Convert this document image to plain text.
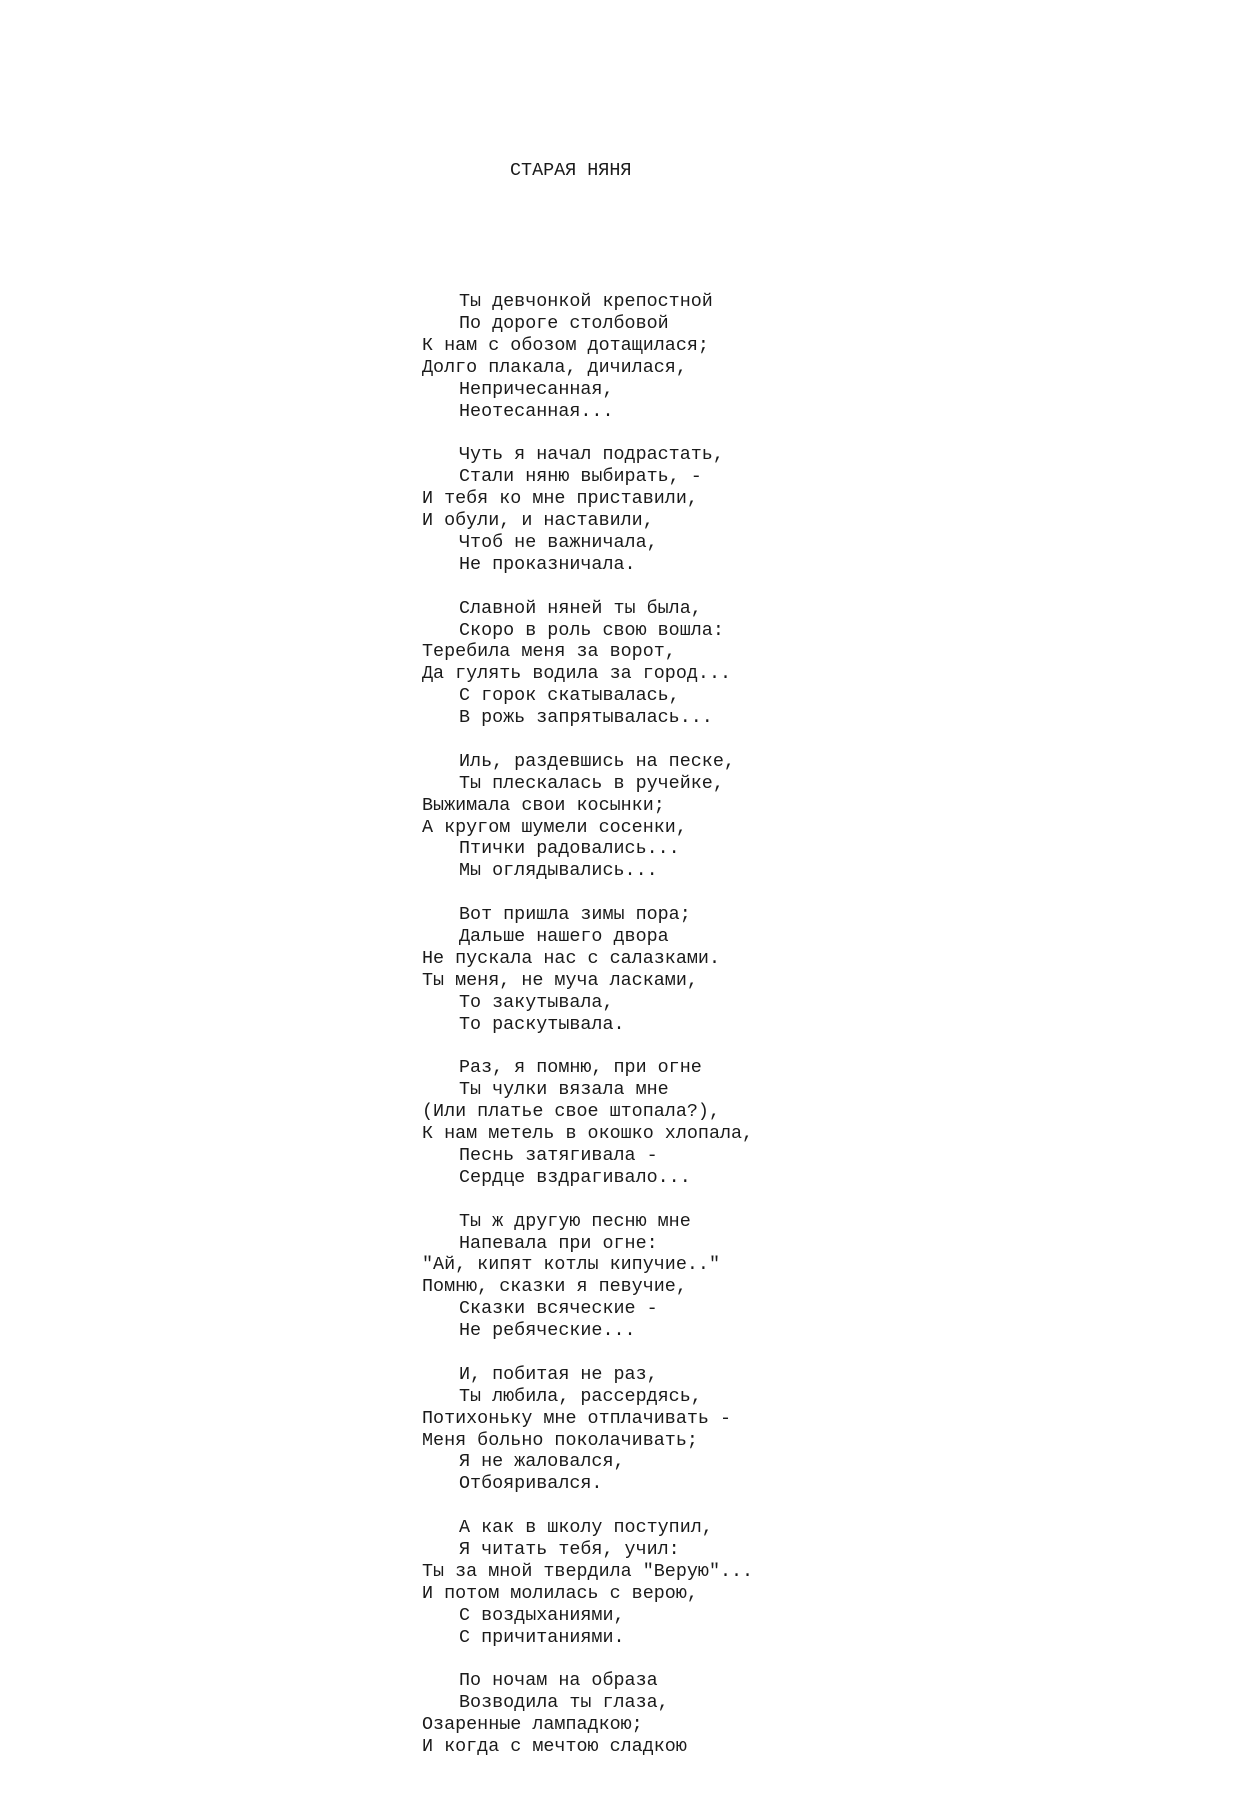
СТАРАЯ НЯНЯ

Ты девчонкой крепостной
По дороге столбовой
К нам с обозом дотащилася;
Долго плакала, дичилася,
Непричесанная,
Неотесанная...
Чуть я начал подрастать,
Стали няню выбирать, -
И тебя ко мне приставили,
И обули, и наставили,
Чтоб не важничала,
Не проказничала.
Славной няней ты была,
Скоро в роль свою вошла:
Теребила меня за ворот,
Да гулять водила за город...
С горок скатывалась,
В рожь запрятывалась...
Иль, раздевшись на песке,
Ты плескалась в ручейке,
Выжимала свои косынки;
А кругом шумели сосенки,
Птички радовались...
Мы оглядывались...
Вот пришла зимы пора;
Дальше нашего двора
Не пускала нас с салазками.
Ты меня, не муча ласками,
То закутывала,
То раскутывала.
Раз, я помню, при огне
Ты чулки вязала мне
(Или платье свое штопала?),
К нам метель в окошко хлопала,
Песнь затягивала -
Сердце вздрагивало...
Ты ж другую песню мне
Напевала при огне:
"Ай, кипят котлы кипучие.."
Помню, сказки я певучие,
Сказки всяческие -
Не ребяческие...
И, побитая не раз,
Ты любила, рассердясь,
Потихоньку мне отплачивать -
Меня больно поколачивать;
Я не жаловался,
Отбояривался.
А как в школу поступил,
Я читать тебя, учил:
Ты за мной твердила "Верую"...
И потом молилась с верою,
С воздыханиями,
С причитаниями.
По ночам на образа
Возводила ты глаза,
Озаренные лампадкою;
И когда с мечтою сладкою
